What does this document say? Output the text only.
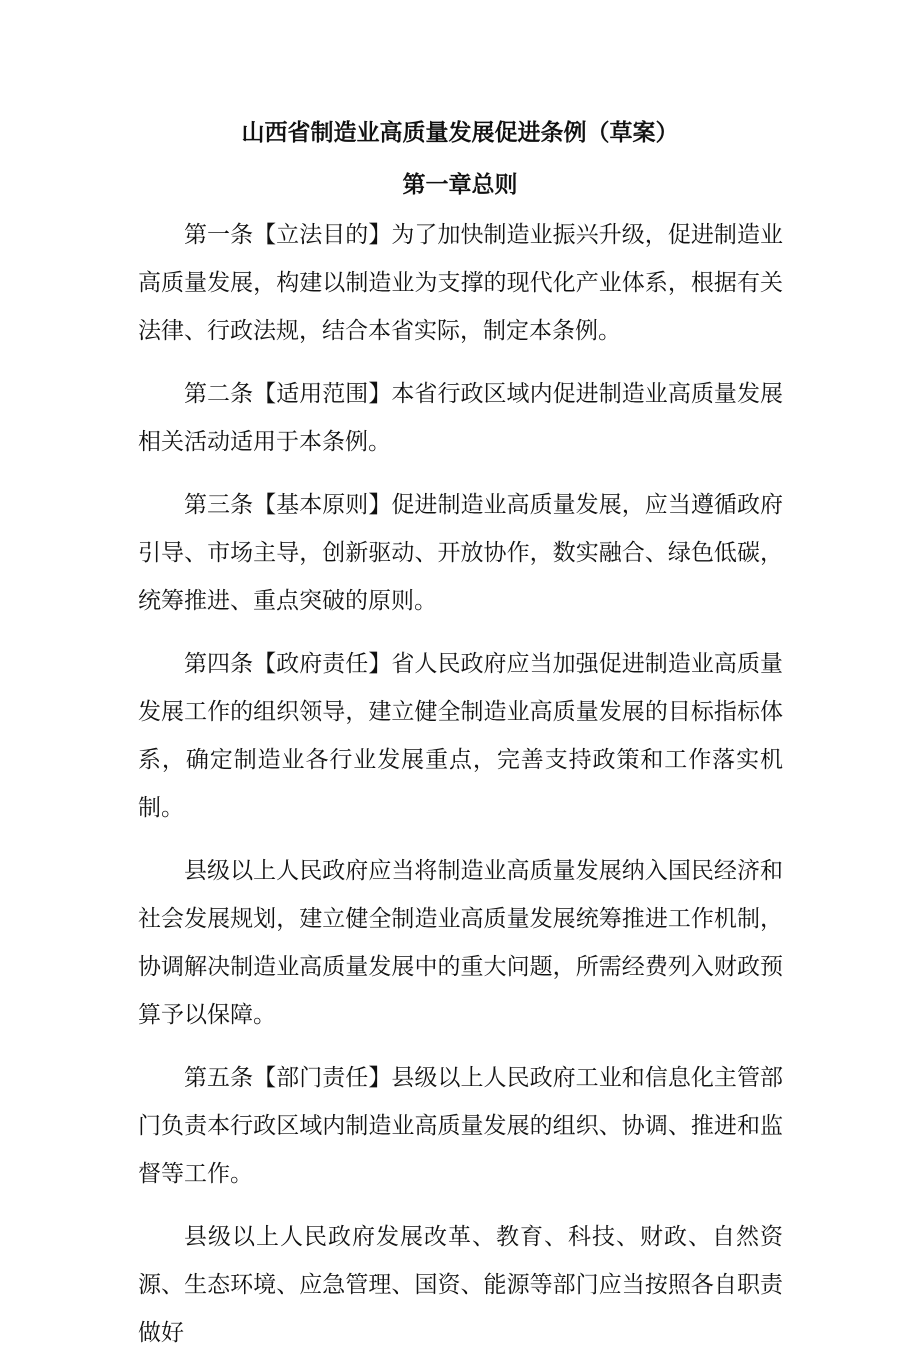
山西省制造业高质量发展促进条例（草案）
第一章总则

第一条【立法目的】为了加快制造业振兴升级，促进制造业高质量发展，构建以制造业为支撑的现代化产业体系，根据有关法律、行政法规，结合本省实际，制定本条例。

第二条【适用范围】本省行政区域内促进制造业高质量发展相关活动适用于本条例。

第三条【基本原则】促进制造业高质量发展，应当遵循政府引导、市场主导，创新驱动、开放协作，数实融合、绿色低碳，统筹推进、重点突破的原则。

第四条【政府责任】省人民政府应当加强促进制造业高质量发展工作的组织领导，建立健全制造业高质量发展的目标指标体系，确定制造业各行业发展重点，完善支持政策和工作落实机制。

县级以上人民政府应当将制造业高质量发展纳入国民经济和社会发展规划，建立健全制造业高质量发展统筹推进工作机制，协调解决制造业高质量发展中的重大问题，所需经费列入财政预算予以保障。

第五条【部门责任】县级以上人民政府工业和信息化主管部门负责本行政区域内制造业高质量发展的组织、协调、推进和监督等工作。

县级以上人民政府发展改革、教育、科技、财政、自然资源、生态环境、应急管理、国资、能源等部门应当按照各自职责做好
